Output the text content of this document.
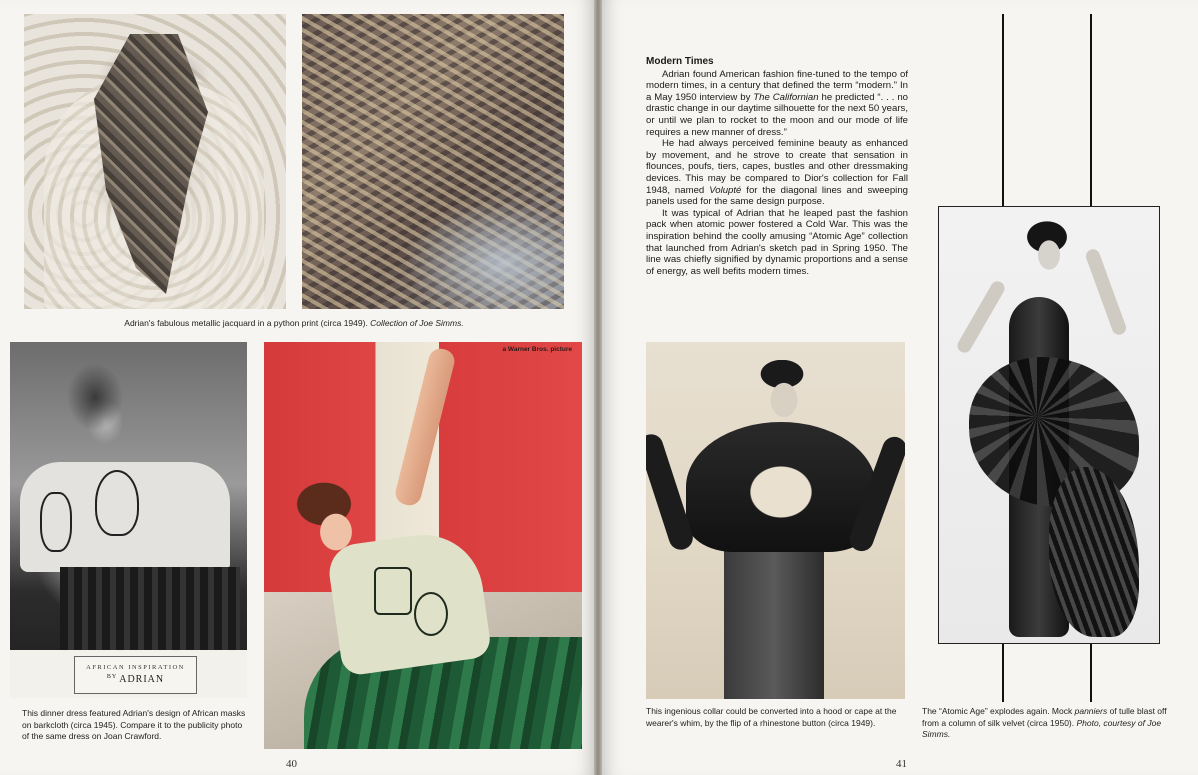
Adrian's fabulous metallic jacquard in a python print (circa 1949). Collection of Joe Simms.
AFRICAN INSPIRATION
$^{BY}$ ADRIAN
This dinner dress featured Adrian's design of African masks on barkcloth (circa 1945). Compare it to the publicity photo of the same dress on Joan Crawford.
a Warner Bros. picture
40
Modern Times

Adrian found American fashion fine-tuned to the tempo of modern times, in a century that defined the term “modern.” In a May 1950 interview by The Californian he predicted “. . . no drastic change in our daytime silhouette for the next 50 years, or until we plan to rocket to the moon and our mode of life requires a new manner of dress.”

He had always perceived feminine beauty as enhanced by movement, and he strove to create that sensation in flounces, poufs, tiers, capes, bustles and other dressmaking devices. This may be compared to Dior's collection for Fall 1948, named Volupté for the diagonal lines and sweeping panels used for the same design purpose.

It was typical of Adrian that he leaped past the fashion pack when atomic power fostered a Cold War. This was the inspiration behind the coolly amusing “Atomic Age” collection that launched from Adrian's sketch pad in Spring 1950. The line was chiefly signified by dynamic proportions and a sense of energy, as well befits modern times.

This ingenious collar could be converted into a hood or cape at the wearer's whim, by the flip of a rhinestone button (circa 1949).
The “Atomic Age” explodes again. Mock panniers of tulle blast off from a column of silk velvet (circa 1950). Photo, courtesy of Joe Simms.
41
